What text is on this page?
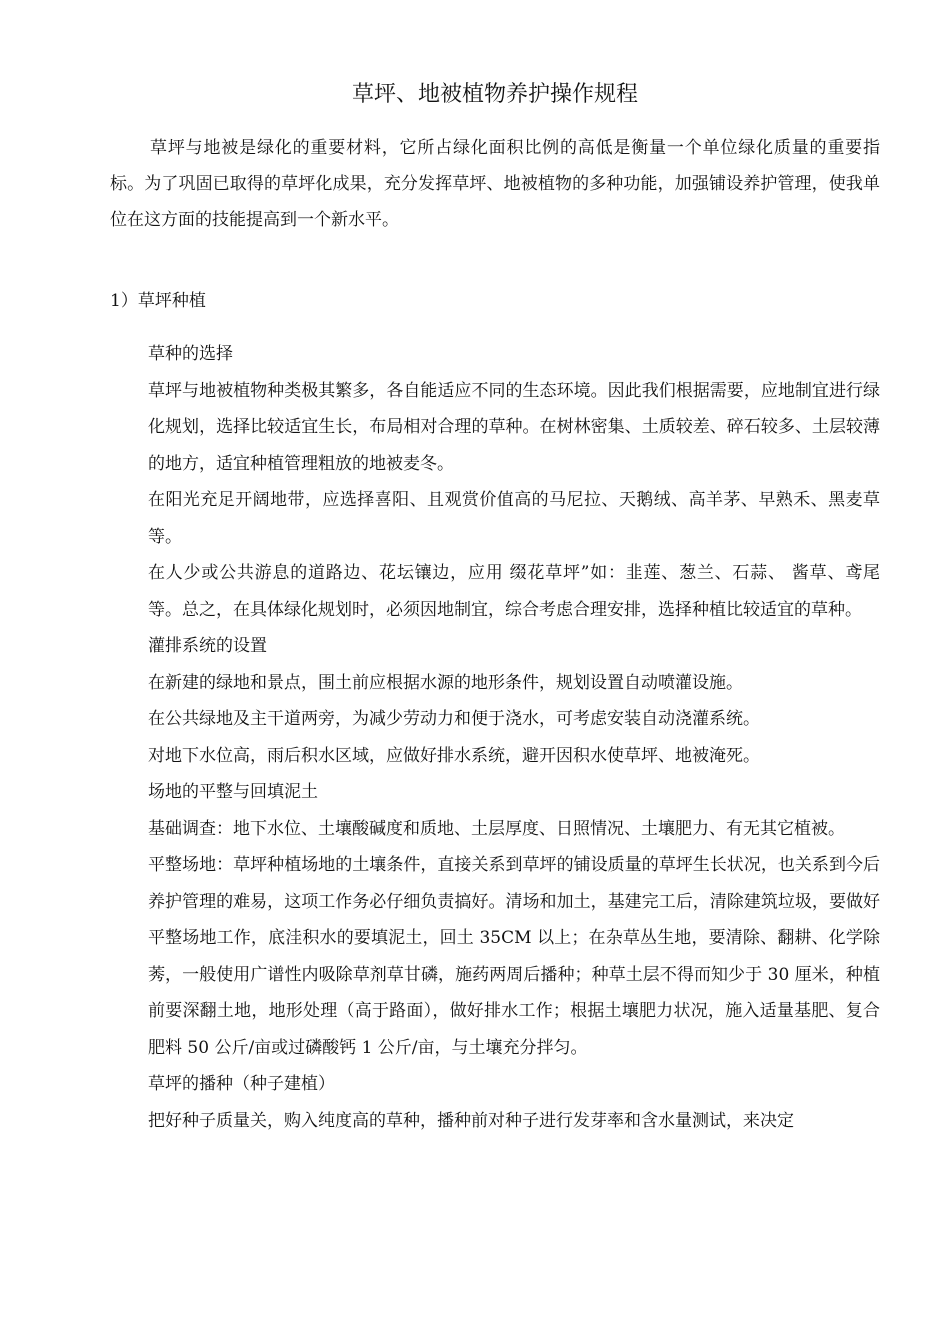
草坪、地被植物养护操作规程

草坪与地被是绿化的重要材料，它所占绿化面积比例的高低是衡量一个单位绿化质量的重要指标。为了巩固已取得的草坪化成果，充分发挥草坪、地被植物的多种功能，加强铺设养护管理，使我单位在这方面的技能提高到一个新水平。

1）草坪种植

草种的选择

草坪与地被植物种类极其繁多，各自能适应不同的生态环境。因此我们根据需要，应地制宜进行绿化规划，选择比较适宜生长，布局相对合理的草种。在树林密集、土质较差、碎石较多、土层较薄的地方，适宜种植管理粗放的地被麦冬。

在阳光充足开阔地带，应选择喜阳、且观赏价值高的马尼拉、天鹅绒、高羊茅、早熟禾、黑麦草等。

在人少或公共游息的道路边、花坛镶边，应用 缀花草坪”如：韭莲、葱兰、石蒜、 酱草、鸢尾等。总之，在具体绿化规划时，必须因地制宜，综合考虑合理安排，选择种植比较适宜的草种。

灌排系统的设置

在新建的绿地和景点，围土前应根据水源的地形条件，规划设置自动喷灌设施。

在公共绿地及主干道两旁，为减少劳动力和便于浇水，可考虑安装自动浇灌系统。

对地下水位高，雨后积水区域，应做好排水系统，避开因积水使草坪、地被淹死。

场地的平整与回填泥土

基础调查：地下水位、土壤酸碱度和质地、土层厚度、日照情况、土壤肥力、有无其它植被。

平整场地：草坪种植场地的土壤条件，直接关系到草坪的铺设质量的草坪生长状况，也关系到今后养护管理的难易，这项工作务必仔细负责搞好。清场和加土，基建完工后，清除建筑垃圾，要做好平整场地工作，底洼积水的要填泥土，回土 35CM 以上；在杂草丛生地，要清除、翻耕、化学除莠，一般使用广谱性内吸除草剂草甘磷，施药两周后播种；种草土层不得而知少于 30 厘米，种植前要深翻土地，地形处理（高于路面），做好排水工作；根据土壤肥力状况，施入适量基肥、复合肥料 50 公斤/亩或过磷酸钙 1 公斤/亩，与土壤充分拌匀。

草坪的播种（种子建植）

把好种子质量关，购入纯度高的草种，播种前对种子进行发芽率和含水量测试，来决定
